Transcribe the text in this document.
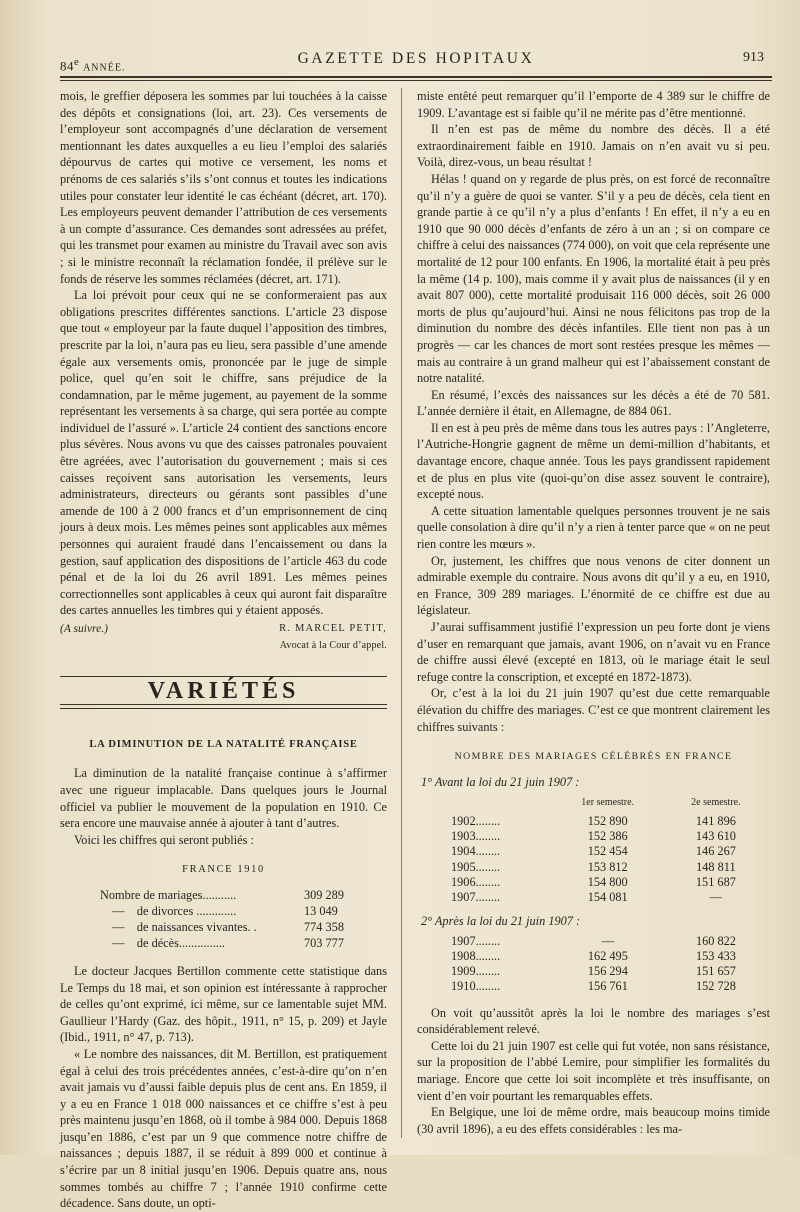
84e ANNÉE.
GAZETTE DES HOPITAUX	913

mois, le greffier déposera les sommes par lui touchées à la caisse des dépôts et consignations (loi, art. 23). Ces versements de l’employeur sont accompagnés d’une déclaration de versement mentionnant les dates auxquelles a eu lieu l’emploi des salariés dépourvus de cartes qui motive ce versement, les noms et prénoms de ces salariés s’ils s’ont connus et toutes les indications utiles pour constater leur identité le cas échéant (décret, art. 170). Les employeurs peuvent demander l’attribution de ces versements à un compte d’assurance. Ces demandes sont adressées au préfet, qui les transmet pour examen au ministre du Travail avec son avis ; si le ministre reconnaît la réclamation fondée, il prélève sur le fonds de réserve les sommes réclamées (décret, art. 171).

La loi prévoit pour ceux qui ne se conformeraient pas aux obligations prescrites différentes sanctions. L’article 23 dispose que tout « employeur par la faute duquel l’apposition des timbres, prescrite par la loi, n’aura pas eu lieu, sera passible d’une amende égale aux versements omis, prononcée par le juge de simple police, quel qu’en soit le chiffre, sans préjudice de la condamnation, par le même jugement, au payement de la somme représentant les versements à sa charge, qui sera portée au compte individuel de l’assuré ». L’article 24 contient des sanctions encore plus sévères. Nous avons vu que des caisses patronales pouvaient être agréées, avec l’autorisation du gouvernement ; mais si ces caisses reçoivent sans autorisation les versements, leurs administrateurs, directeurs ou gérants sont passibles d’une amende de 100 à 2 000 francs et d’un emprisonnement de cinq jours à deux mois. Les mêmes peines sont applicables aux mêmes personnes qui auraient fraudé dans l’encaissement ou dans la gestion, sauf application des dispositions de l’article 463 du code pénal et de la loi du 26 avril 1891. Les mêmes peines correctionnelles sont applicables à ceux qui auront fait disparaître des cartes annuelles les timbres qui y étaient apposés.

(A suivre.)	R. MARCEL PETIT,
Avocat à la Cour d’appel.
VARIÉTÉS
LA DIMINUTION DE LA NATALITÉ FRANÇAISE

La diminution de la natalité française continue à s’affirmer avec une rigueur implacable. Dans quelques jours le Journal officiel va publier le mouvement de la population en 1910. Ce sera encore une mauvaise année à ajouter à tant d’autres.

Voici les chiffres qui seront publiés :

FRANCE 1910
Nombre de mariages...........	309 289
—    de divorces .............	13 049
—    de naissances vivantes. .	774 358
—    de décès...............	703 777

Le docteur Jacques Bertillon commente cette statistique dans Le Temps du 18 mai, et son opinion est intéressante à rapprocher de celles qu’ont exprimé, ici même, sur ce lamentable sujet MM. Gaullieur l’Hardy (Gaz. des hôpit., 1911, n° 15, p. 209) et Jayle (Ibid., 1911, n° 47, p. 713).

« Le nombre des naissances, dit M. Bertillon, est pratiquement égal à celui des trois précédentes années, c’est-à-dire qu’on n’en avait jamais vu d’aussi faible depuis plus de cent ans. En 1859, il y a eu en France 1 018 000 naissances et ce chiffre s’est à peu près maintenu jusqu’en 1868, où il tombe à 984 000. Depuis 1868 jusqu’en 1886, c’est par un 9 que commence notre chiffre de naissances ; depuis 1887, il se réduit à 899 000 et continue à s’écrire par un 8 initial jusqu’en 1906. Depuis quatre ans, nous sommes tombés au chiffre 7 ; l’année 1910 confirme cette décadence. Sans doute, un opti-

miste entêté peut remarquer qu’il l’emporte de 4 389 sur le chiffre de 1909. L’avantage est si faible qu’il ne mérite pas d’être mentionné.

Il n’en est pas de même du nombre des décès. Il a été extraordinairement faible en 1910. Jamais on n’en avait vu si peu. Voilà, direz-vous, un beau résultat !

Hélas ! quand on y regarde de plus près, on est forcé de reconnaître qu’il n’y a guère de quoi se vanter. S’il y a peu de décès, cela tient en grande partie à ce qu’il n’y a plus d’enfants ! En effet, il n’y a eu en 1910 que 90 000 décès d’enfants de zéro à un an ; si on compare ce chiffre à celui des naissances (774 000), on voit que cela représente une mortalité de 12 pour 100 enfants. En 1906, la mortalité était à peu près la même (14 p. 100), mais comme il y avait plus de naissances (il y en avait 807 000), cette mortalité produisait 116 000 décès, soit 26 000 morts de plus qu’aujourd’hui. Ainsi ne nous félicitons pas trop de la diminution du nombre des décès infantiles. Elle tient non pas à un progrès — car les chances de mort sont restées presque les mêmes — mais au contraire à un grand malheur qui est l’abaissement constant de notre natalité.

En résumé, l’excès des naissances sur les décès a été de 70 581. L’année dernière il était, en Allemagne, de 884 061.

Il en est à peu près de même dans tous les autres pays : l’Angleterre, l’Autriche-Hongrie gagnent de même un demi-million d’habitants, et davantage encore, chaque année. Tous les pays grandissent rapidement et de plus en plus vite (quoi-qu’on dise assez souvent le contraire), excepté nous.

A cette situation lamentable quelques personnes trouvent je ne sais quelle consolation à dire qu’il n’y a rien à tenter parce que « on ne peut rien contre les mœurs ».

Or, justement, les chiffres que nous venons de citer donnent un admirable exemple du contraire. Nous avons dit qu’il y a eu, en 1910, en France, 309 289 mariages. L’énormité de ce chiffre est due au législateur.

J’aurai suffisamment justifié l’expression un peu forte dont je viens d’user en remarquant que jamais, avant 1906, on n’avait vu en France de chiffre aussi élevé (excepté en 1813, où le mariage était le seul refuge contre la conscription, et excepté en 1872-1873).

Or, c’est à la loi du 21 juin 1907 qu’est due cette remarquable élévation du chiffre des mariages. C’est ce que montrent clairement les chiffres suivants :

NOMBRE DES MARIAGES CÉLÉBRÉS EN FRANCE
1° Avant la loi du 21 juin 1907 :
	1er semestre.	2e semestre.
1902........	152 890	141 896
1903........	152 386	143 610
1904........	152 454	146 267
1905........	153 812	148 811
1906........	154 800	151 687
1907........	154 081	—
2° Après la loi du 21 juin 1907 :
1907........	—	160 822
1908........	162 495	153 433
1909........	156 294	151 657
1910........	156 761	152 728

On voit qu’aussitôt après la loi le nombre des mariages s’est considérablement relevé.

Cette loi du 21 juin 1907 est celle qui fut votée, non sans résistance, sur la proposition de l’abbé Lemire, pour simplifier les formalités du mariage. Encore que cette loi soit incomplète et très insuffisante, on vient d’en voir pourtant les remarquables effets.

En Belgique, une loi de même ordre, mais beaucoup moins timide (30 avril 1896), a eu des effets considérables : les ma-
